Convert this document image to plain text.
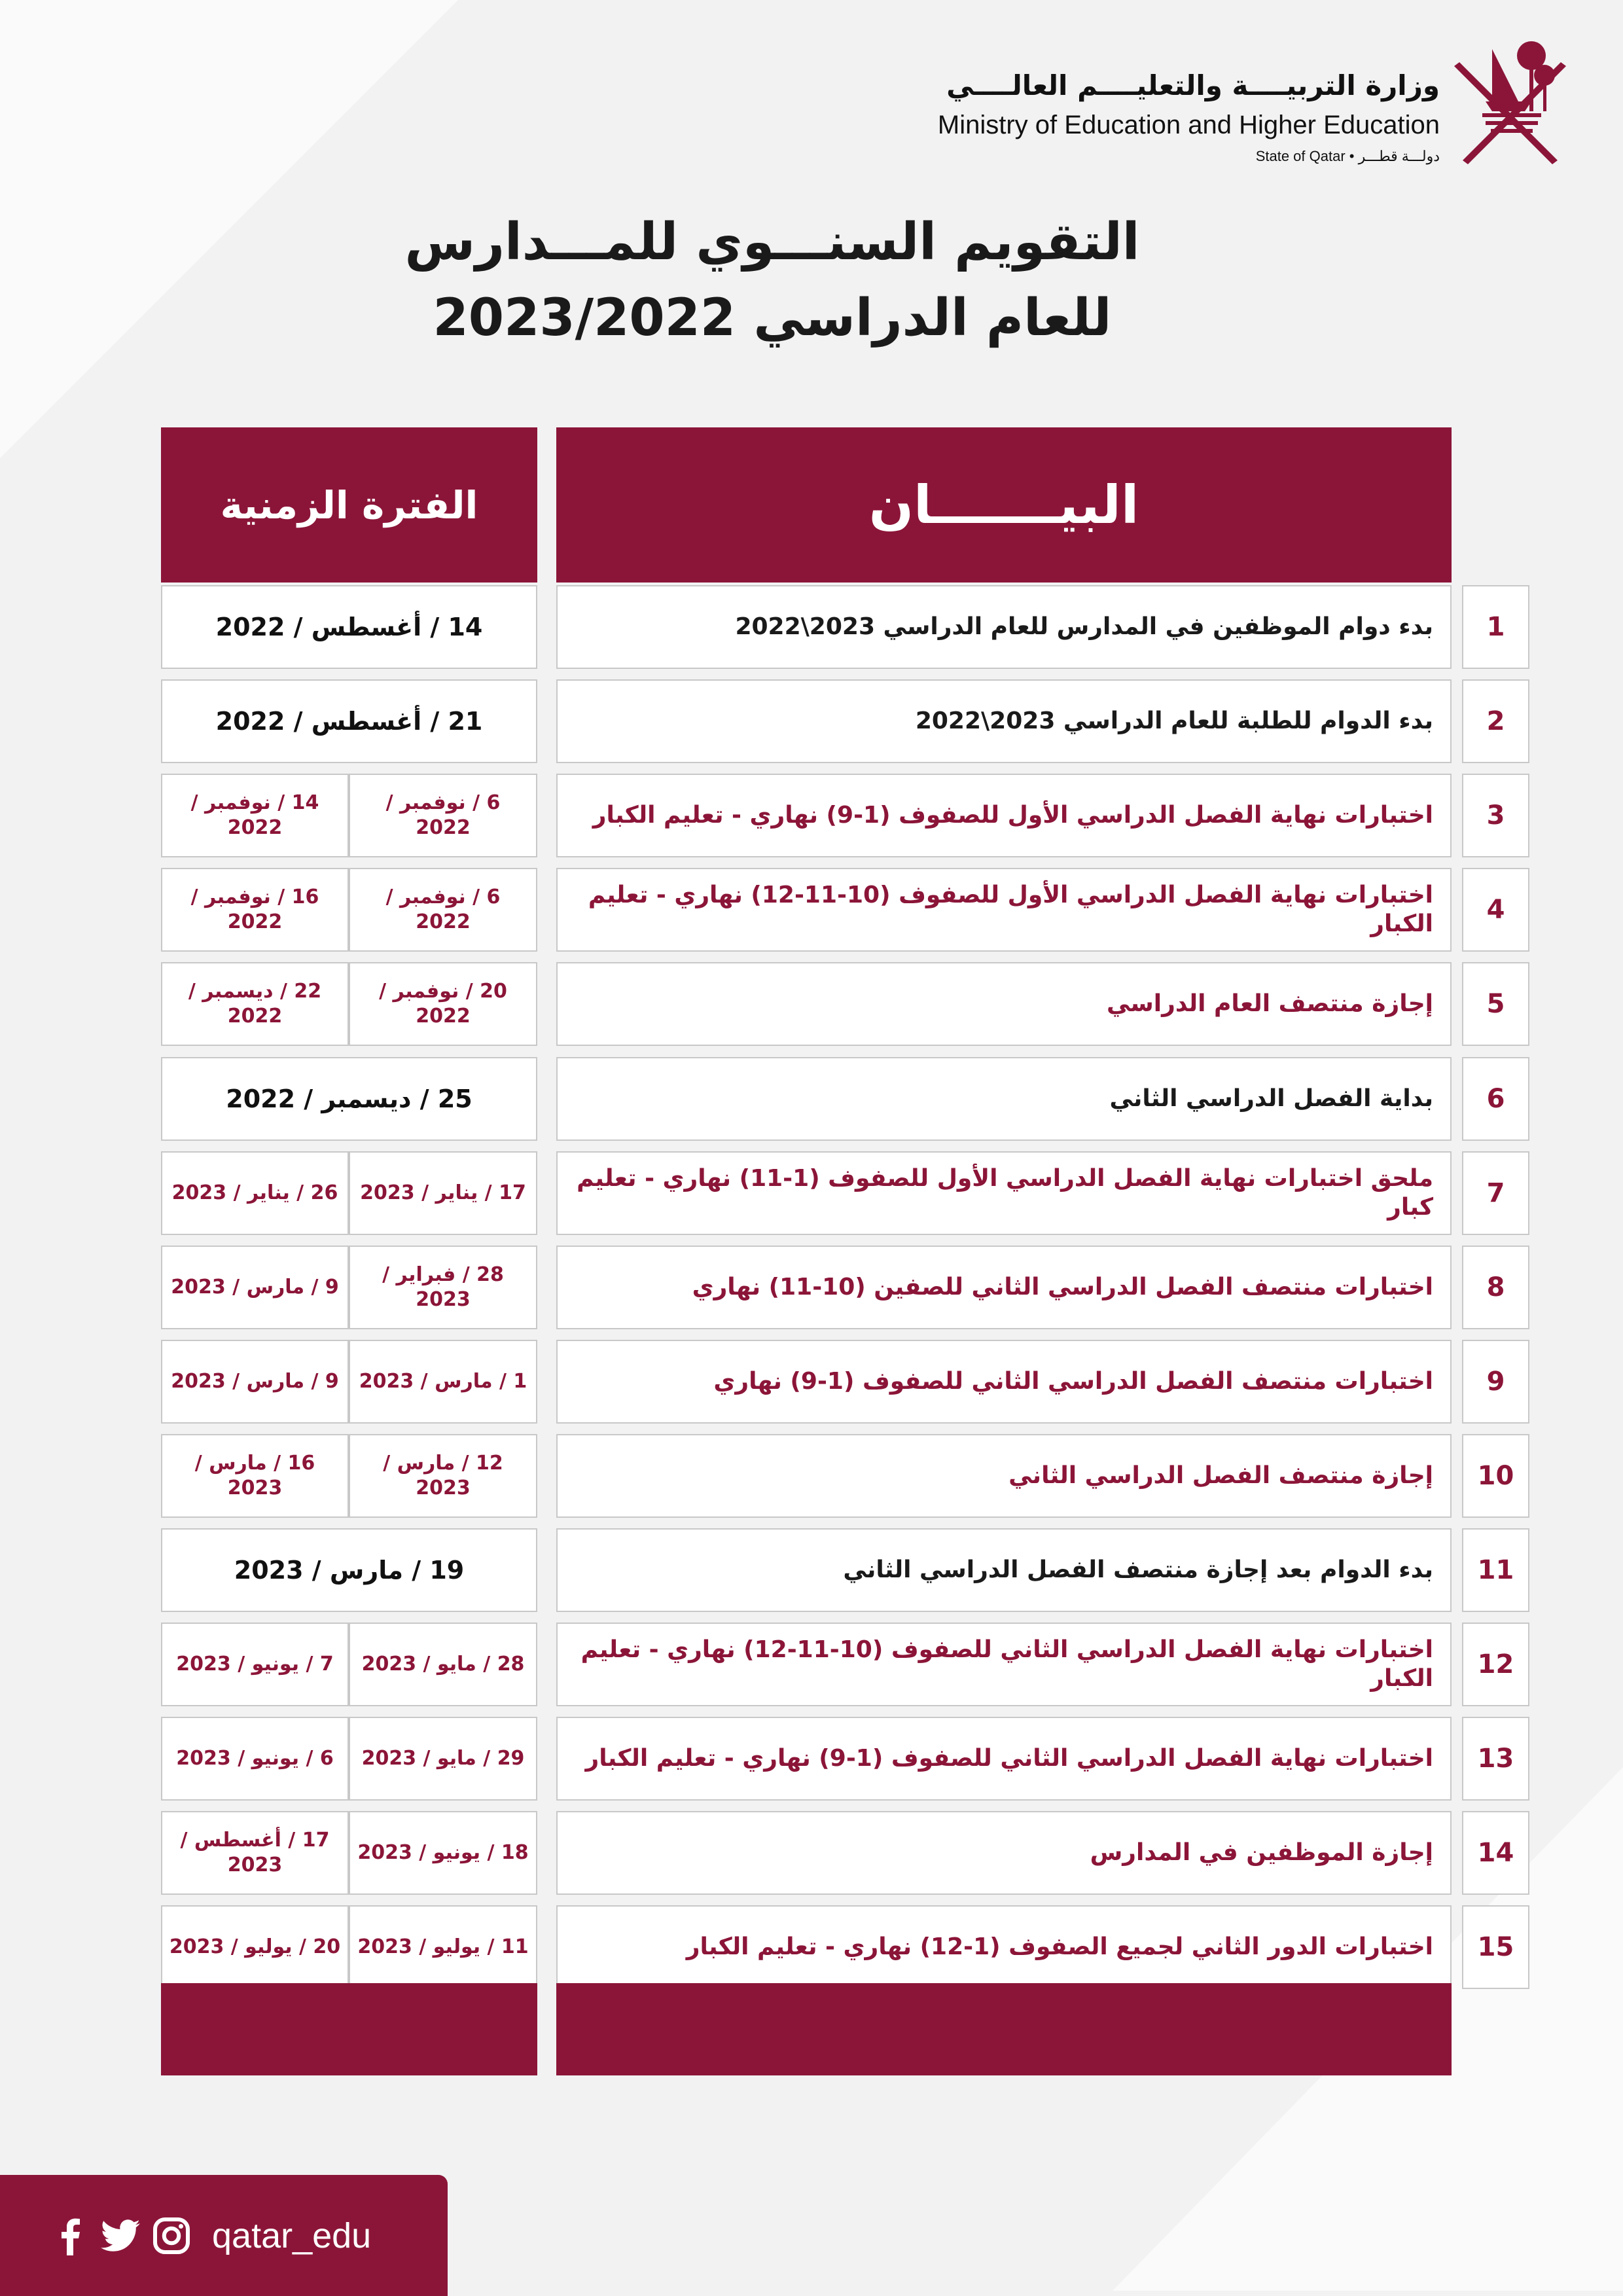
وزارة التربيــــة والتعليــــم العالــــي
Ministry of Education and Higher Education
State of Qatar • دولـــة قطـــر
التقويم السنـــوي للمـــدارس
للعام الدراسي 2023/2022
البيـــــــان
الفترة الزمنية
1
بدء دوام الموظفين في المدارس للعام الدراسي 2023\2022
14 / أغسطس / 2022
2
بدء الدوام للطلبة للعام الدراسي 2023\2022
21 / أغسطس / 2022
3
اختبارات نهاية الفصل الدراسي الأول للصفوف (1-9) نهاري - تعليم الكبار
6 / نوفمبر / 2022
14 / نوفمبر / 2022
4
اختبارات نهاية الفصل الدراسي الأول للصفوف (10-11-12) نهاري - تعليم الكبار
6 / نوفمبر / 2022
16 / نوفمبر / 2022
5
إجازة منتصف العام الدراسي
20 / نوفمبر / 2022
22 / ديسمبر / 2022
6
بداية الفصل الدراسي الثاني
25 / ديسمبر / 2022
7
ملحق اختبارات نهاية الفصل الدراسي الأول للصفوف (1-11) نهاري - تعليم كبار
17 / يناير / 2023
26 / يناير / 2023
8
اختبارات منتصف الفصل الدراسي الثاني للصفين (10-11) نهاري
28 / فبراير / 2023
9 / مارس / 2023
9
اختبارات منتصف الفصل الدراسي الثاني للصفوف (1-9) نهاري
1 / مارس / 2023
9 / مارس / 2023
10
إجازة منتصف الفصل الدراسي الثاني
12 / مارس / 2023
16 / مارس / 2023
11
بدء الدوام بعد إجازة منتصف الفصل الدراسي الثاني
19 / مارس / 2023
12
اختبارات نهاية الفصل الدراسي الثاني للصفوف (10-11-12) نهاري - تعليم الكبار
28 / مايو / 2023
7 / يونيو / 2023
13
اختبارات نهاية الفصل الدراسي الثاني للصفوف (1-9) نهاري - تعليم الكبار
29 / مايو / 2023
6 / يونيو / 2023
14
إجازة الموظفين في المدارس
18 / يونيو / 2023
17 / أغسطس / 2023
15
اختبارات الدور الثاني لجميع الصفوف (1-12) نهاري - تعليم الكبار
11 / يوليو / 2023
20 / يوليو / 2023
qatar_edu
